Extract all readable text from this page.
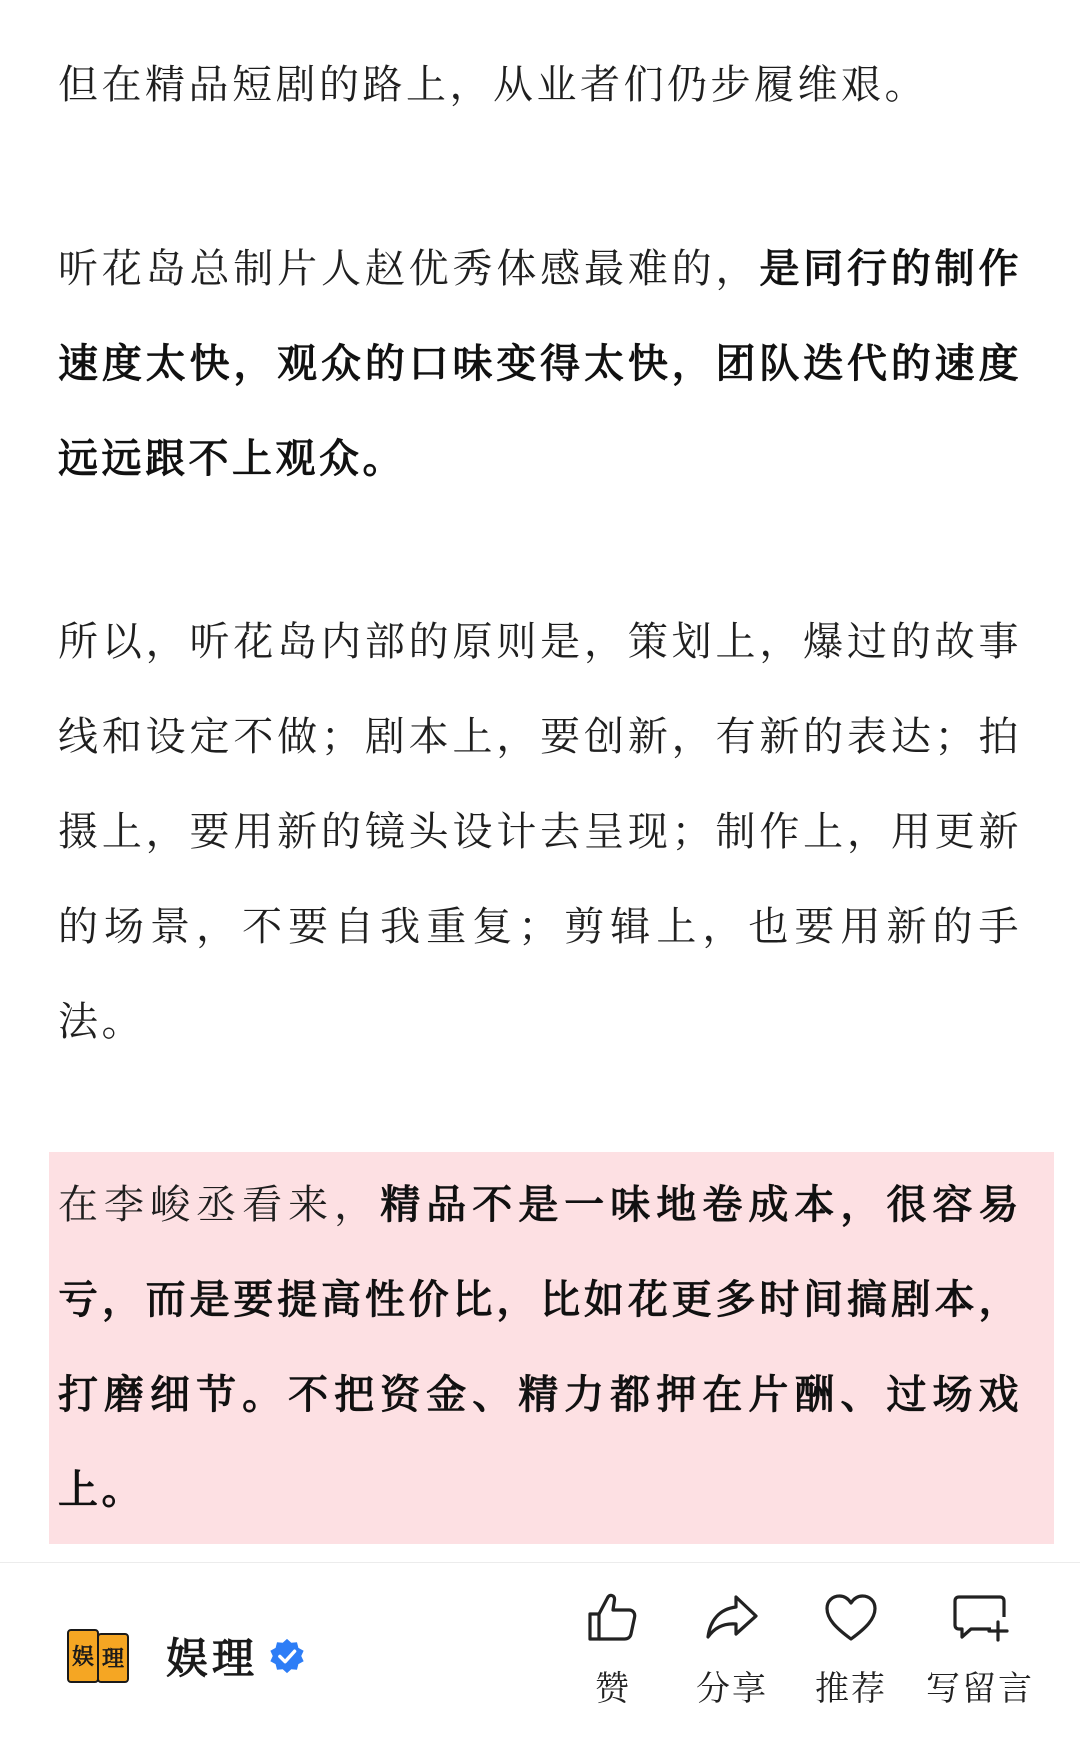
但在精品短剧的路上，从业者们仍步履维艰。
听花岛总制片人赵优秀体感最难的，是同行的制作速度太快，观众的口味变得太快，团队迭代的速度远远跟不上观众。
所以，听花岛内部的原则是，策划上，爆过的故事线和设定不做；剧本上，要创新，有新的表达；拍摄上，要用新的镜头设计去呈现；制作上，用更新的场景，不要自我重复；剪辑上，也要用新的手法。
在李峻丞看来，精品不是一味地卷成本，很容易亏，而是要提高性价比，比如花更多时间搞剧本，打磨细节。不把资金、精力都押在片酬、过场戏上。
娱 理 娱理
赞	分享	推荐	写留言
